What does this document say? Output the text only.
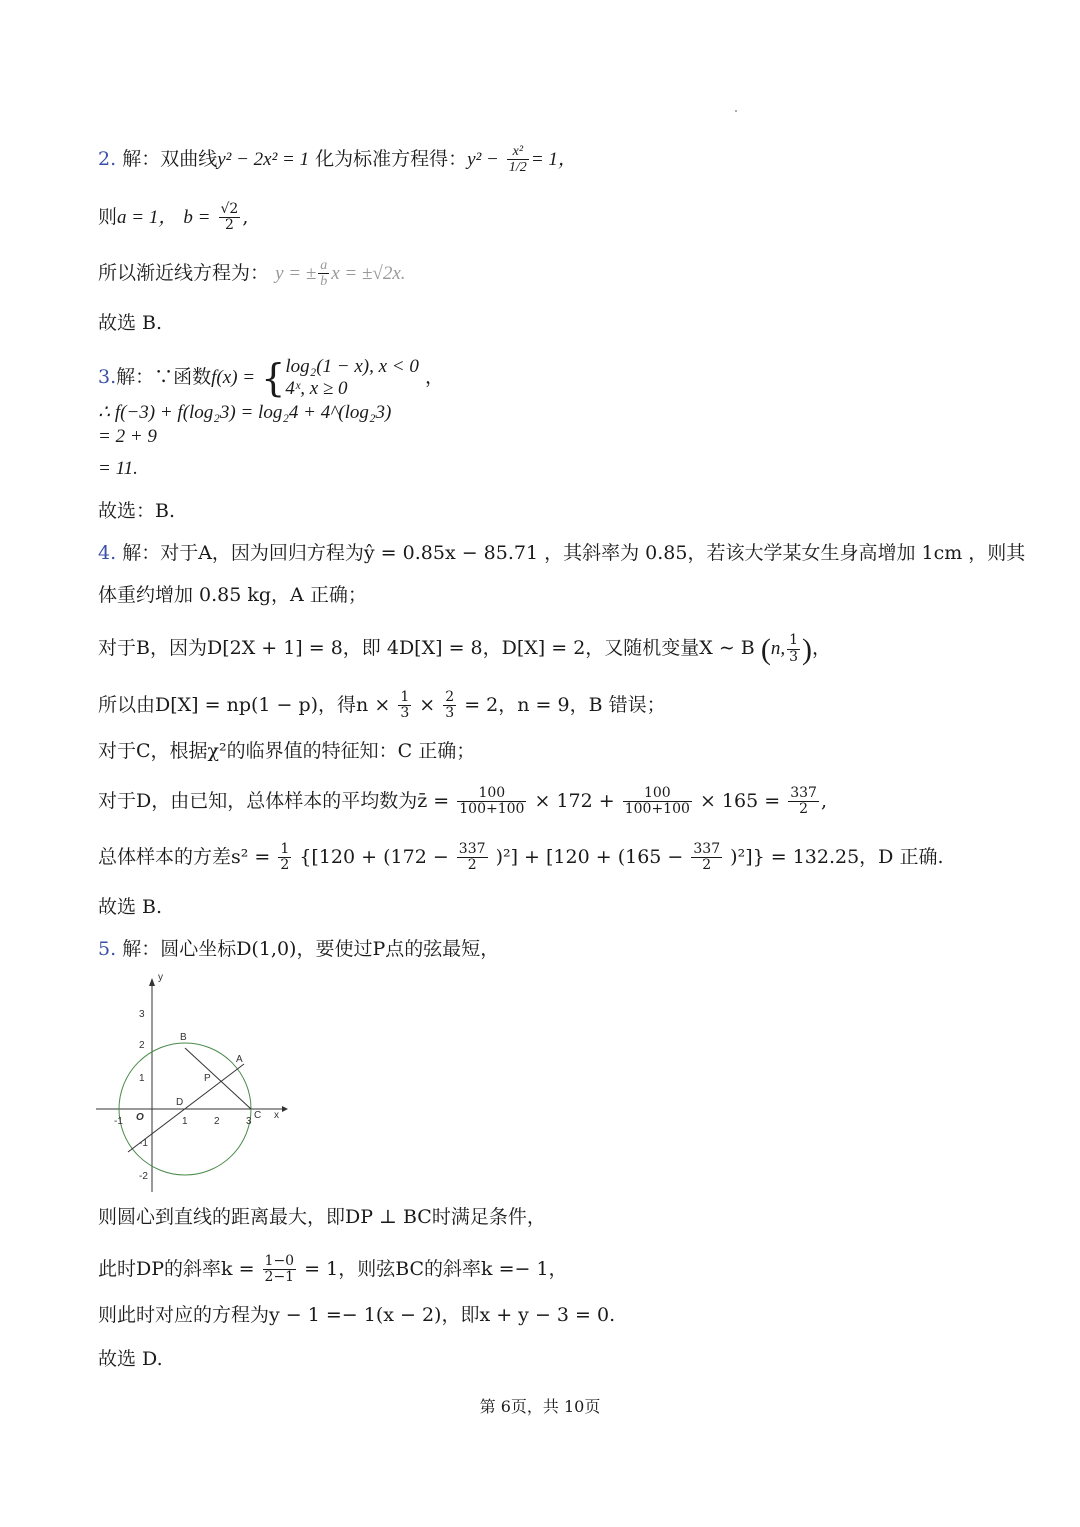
2. 解：双曲线y² − 2x² = 1 化为标准方程得：$y^2 - \frac{\text{x²}}{1/2} = 1$，
则a = 1， $b = \frac{√2}{2}$ ,
所以渐近线方程为： y = ± $\frac{a}{b}$ x = ±√2x.
故选 B.
3.解：∵函数f(x) = {log₂(1 − x), x < 0
4ˣ, x ≥ 0 ，
∴ f(−3) + f(log₂3) = log₂4 + 4^(log₂3)
= 2 + 9
= 11.
故选：B.
4. 解：对于A，因为回归方程为ŷ = 0.85x − 85.71 ，其斜率为 0.85，若该大学某女生身高增加 1cm ，则其
体重约增加 0.85 kg，A 正确；
对于B，因为D[2X + 1] = 8，即 4D[X] = 8，D[X] = 2，又随机变量X ∼ B (n, $\frac{1}{3}$ )，
所以由D[X] = np(1 − p)，得$n \times \frac{1}{3} \times \frac{2}{3} = 2$，n = 9，B 错误；
对于C，根据χ²的临界值的特征知：C 正确；
对于D，由已知，总体样本的平均数为z̄ = $\frac{100}{100+100} \times 172 + \frac{100}{100+100} \times 165 = \frac{337}{2}$ ,
总体样本的方差$s^2 = \frac{1}{2} \{[120 + (172 - \frac{337}{2} )^2] + [120 + (165 - \frac{337}{2} )^2]\} = 132.25$，D 正确.
故选 B.
5. 解：圆心坐标D(1,0)，要使过P点的弦最短，
y
x
O
-1	1	2	3
3
2
1
-1
-2
B
A
P
D
C
则圆心到直线的距离最大，即DP ⊥ BC时满足条件，
此时DP的斜率$k = \frac{1-0}{2-1} = 1$，则弦BC的斜率k =− 1，
则此时对应的方程为y − 1 =− 1(x − 2)，即x + y − 3 = 0.
故选 D.
第 6页，共 10页
